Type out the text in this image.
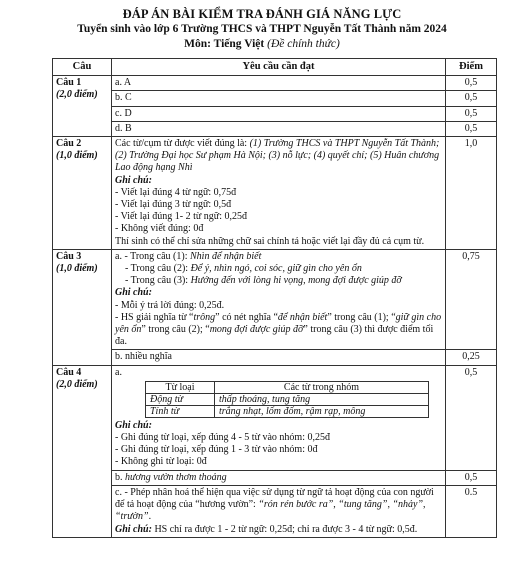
ĐÁP ÁN BÀI KIỂM TRA ĐÁNH GIÁ NĂNG LỰC
Tuyển sinh vào lớp 6 Trường THCS và THPT Nguyễn Tất Thành năm 2024
Môn: Tiếng Việt (Đề chính thức)
Câu	Yêu cầu cần đạt	Điểm

Câu 1
(2,0 điểm)	a. A	0,5
b. C	0,5
c. D	0,5
d. B	0,5

Câu 2
(1,0 điểm)	
Các từ/cụm từ được viết đúng là: (1) Trường THCS và THPT Nguyễn Tất Thành; (2) Trường Đại học Sư phạm Hà Nội; (3) nỗ lực; (4) quyết chí; (5) Huân chương Lao động hạng Nhì
Ghi chú:
- Viết lại đúng 4 từ ngữ: 0,75đ
- Viết lại đúng 3 từ ngữ: 0,5đ
- Viết lại đúng 1- 2 từ ngữ: 0,25đ
- Không viết đúng: 0đ
Thí sinh có thể chỉ sửa những chữ sai chính tả hoặc viết lại đầy đủ cả cụm từ.
	1,0

Câu 3
(1,0 điểm)	
a. - Trong câu (1): Nhìn để nhận biết
- Trong câu (2): Để ý, nhìn ngó, coi sóc, giữ gìn cho yên ổn
- Trong câu (3): Hướng đến với lòng hi vọng, mong đợi được giúp đỡ
Ghi chú:
- Mỗi ý trả lời đúng: 0,25đ.
- HS giải nghĩa từ “trông” có nét nghĩa “để nhận biết” trong câu (1); “giữ gìn cho yên ổn” trong câu (2); “mong đợi được giúp đỡ” trong câu (3) thì được điểm tối đa.
	0,75
b. nhiều nghĩa	0,25

Câu 4
(2,0 điểm)	
a.
Từ loại	Các từ trong nhóm
Động từ	thấp thoáng, tung tăng
Tính từ	trắng nhạt, lốm đốm, rậm rạp, mông
Ghi chú:
- Ghi đúng từ loại, xếp đúng 4 - 5 từ vào nhóm: 0,25đ
- Ghi đúng từ loại, xếp đúng 1 - 3 từ vào nhóm: 0đ
- Không ghi từ loại: 0đ
	0,5
b. hương vườn thơm thoảng	0,5

c. - Phép nhân hoá thể hiện qua việc sử dụng từ ngữ tả hoạt động của con người để tả hoạt động của “hương vườn”: “rón rén bước ra”, “tung tăng”, “nhảy”, “trườn”.
Ghi chú: HS chỉ ra được 1 - 2 từ ngữ: 0,25đ; chỉ ra được 3 - 4 từ ngữ: 0,5đ.
	0.5
